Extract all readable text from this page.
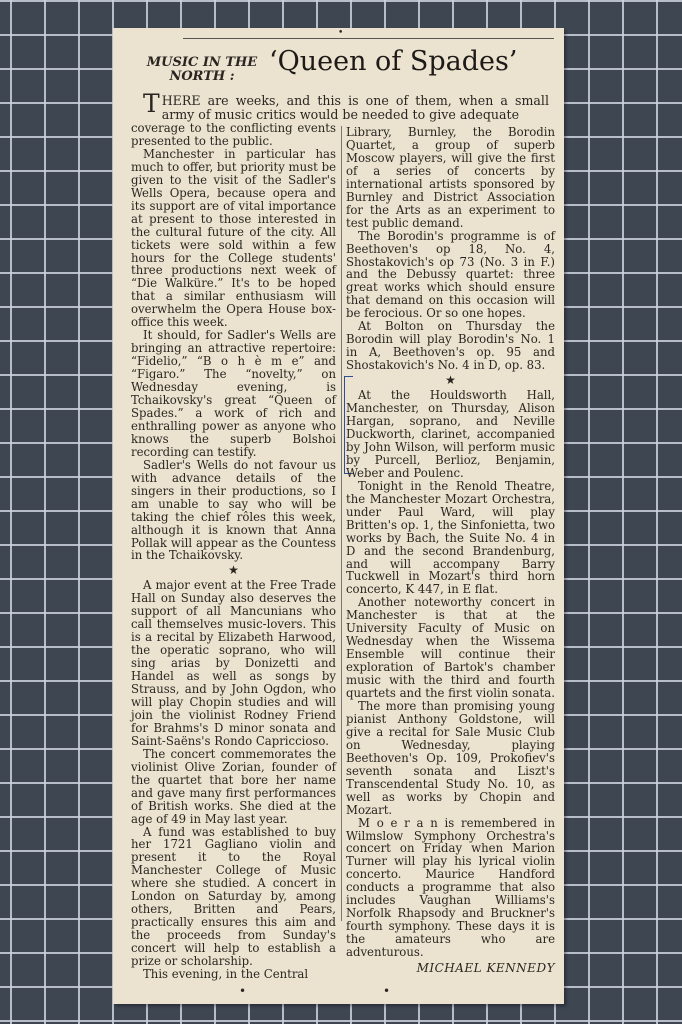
•
MUSIC IN THE NORTH :	‘Queen of Spades’
THERE are weeks, and this is one of them, when a small army of music critics would be needed to give adequate

coverage to the conflicting events presented to the public.

Manchester in particular has much to offer, but priority must be given to the visit of the Sadler's Wells Opera, because opera and its support are of vital importance at present to those interested in the cultural future of the city. All tickets were sold within a few hours for the College students' three productions next week of “Die Walküre.” It's to be hoped that a similar enthusiasm will overwhelm the Opera House box-office this week.

It should, for Sadler's Wells are bringing an attractive repertoire: “Fidelio,” “B o h è m e” and “Figaro.” The “novelty,” on Wednesday evening, is Tchaikovsky's great “Queen of Spades.” a work of rich and enthralling power as anyone who knows the superb Bolshoi recording can testify.

Sadler's Wells do not favour us with advance details of the singers in their productions, so I am unable to say who will be taking the chief rôles this week, although it is known that Anna Pollak will appear as the Countess in the Tchaikovsky.

★

A major event at the Free Trade Hall on Sunday also deserves the support of all Mancunians who call themselves music-lovers. This is a recital by Elizabeth Harwood, the operatic soprano, who will sing arias by Donizetti and Handel as well as songs by Strauss, and by John Ogdon, who will play Chopin studies and will join the violinist Rodney Friend for Brahms's D minor sonata and Saint-Saëns's Rondo Capriccioso.

The concert commemorates the violinist Olive Zorian, founder of the quartet that bore her name and gave many first performances of British works. She died at the age of 49 in May last year.

A fund was established to buy her 1721 Gagliano violin and present it to the Royal Manchester College of Music where she studied. A concert in London on Saturday by, among others, Britten and Pears, practically ensures this aim and the proceeds from Sunday's concert will help to establish a prize or scholarship.

This evening, in the Central

Library, Burnley, the Borodin Quartet, a group of superb Moscow players, will give the first of a series of concerts by international artists sponsored by Burnley and District Association for the Arts as an experiment to test public demand.

The Borodin's programme is of Beethoven's op 18, No. 4, Shostakovich's op 73 (No. 3 in F.) and the Debussy quartet: three great works which should ensure that demand on this occasion will be ferocious. Or so one hopes.

At Bolton on Thursday the Borodin will play Borodin's No. 1 in A, Beethoven's op. 95 and Shostakovich's No. 4 in D, op. 83.

★

At the Houldsworth Hall, Manchester, on Thursday, Alison Hargan, soprano, and Neville Duckworth, clarinet, accompanied by John Wilson, will perform music by Purcell, Berlioz, Benjamin, Weber and Poulenc.

Tonight in the Renold Theatre, the Manchester Mozart Orchestra, under Paul Ward, will play Britten's op. 1, the Sinfonietta, two works by Bach, the Suite No. 4 in D and the second Brandenburg, and will accompany Barry Tuckwell in Mozart's third horn concerto, K 447, in E flat.

Another noteworthy concert in Manchester is that at the University Faculty of Music on Wednesday when the Wissema Ensemble will continue their exploration of Bartok's chamber music with the third and fourth quartets and the first violin sonata.

The more than promising young pianist Anthony Goldstone, will give a recital for Sale Music Club on Wednesday, playing Beethoven's Op. 109, Prokofiev's seventh sonata and Liszt's Transcendental Study No. 10, as well as works by Chopin and Mozart.

M o e r a n is remembered in Wilmslow Symphony Orchestra's concert on Friday when Marion Turner will play his lyrical violin concerto. Maurice Handford conducts a programme that also includes Vaughan Williams's Norfolk Rhapsody and Bruckner's fourth symphony. These days it is the amateurs who are adventurous.

MICHAEL KENNEDY
•	•
